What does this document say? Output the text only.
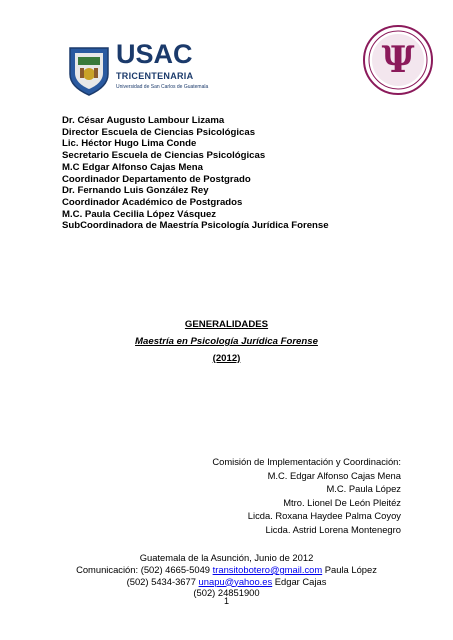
USAC
TRICENTENARIA
Universidad de San Carlos de Guatemala
Ψ
Dr. César Augusto Lambour Lizama
Director Escuela de Ciencias Psicológicas
Lic. Héctor Hugo Lima Conde
Secretario Escuela de Ciencias Psicológicas
M.C Edgar Alfonso Cajas Mena
Coordinador Departamento de Postgrado
Dr. Fernando Luis González Rey
Coordinador Académico de Postgrados
M.C. Paula Cecilia López Vásquez
SubCoordinadora de Maestría Psicología Jurídica Forense
GENERALIDADES
Maestría en Psicología Jurídica Forense
(2012)
Comisión de Implementación y Coordinación:
M.C. Edgar Alfonso Cajas Mena
M.C. Paula López
Mtro. Lionel De León Pleitéz
Licda. Roxana Haydee Palma Coyoy
Licda. Astrid Lorena Montenegro
Guatemala de la Asunción, Junio de 2012
Comunicación: (502) 4665-5049 transitobotero@gmail.com Paula López
(502) 5434-3677 unapu@yahoo.es Edgar Cajas
(502) 24851900
1
